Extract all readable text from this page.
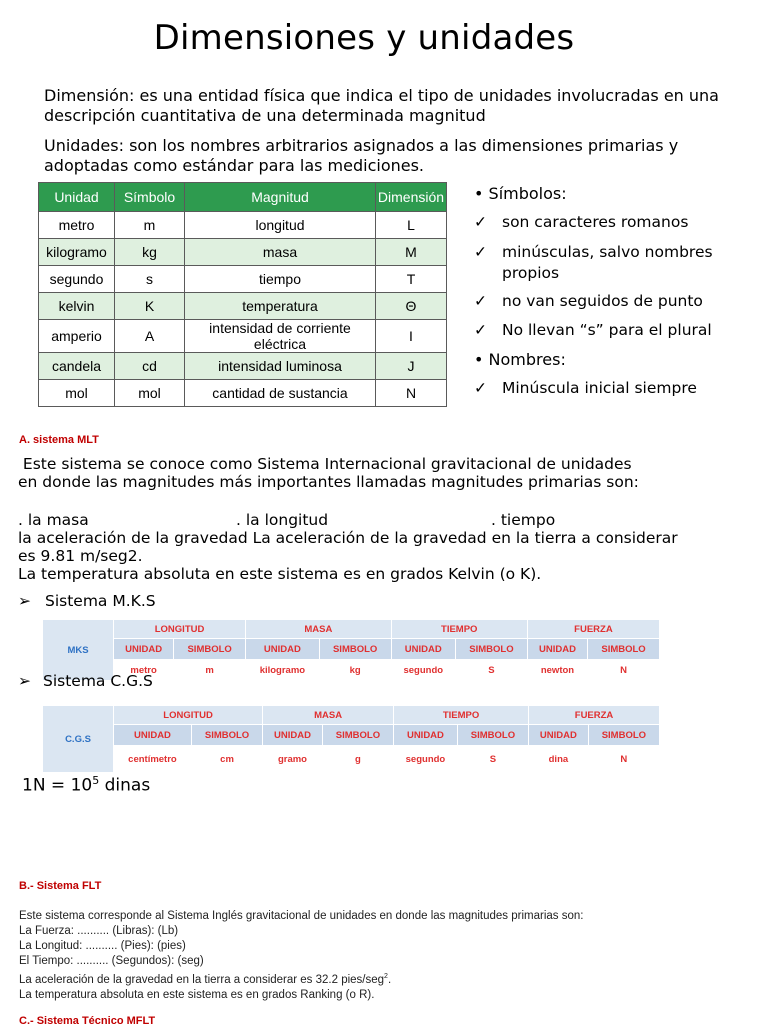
Dimensiones y unidades
Dimensión: es una entidad física que indica el tipo de unidades involucradas en una
descripción cuantitativa de una determinada magnitud
Unidades: son los nombres arbitrarios asignados a las dimensiones primarias y
adoptadas como estándar para las mediciones.
Unidad	Símbolo	Magnitud	Dimensión
metro	m	longitud	L
kilogramo	kg	masa	M
segundo	s	tiempo	T
kelvin	K	temperatura	Θ
amperio	A	intensidad de corriente eléctrica	I
candela	cd	intensidad luminosa	J
mol	mol	cantidad de sustancia	N
• Símbolos:
✓ son caracteres romanos
✓ minúsculas, salvo nombres
propios
✓ no van seguidos de punto
✓ No llevan “s” para el plural
• Nombres:
✓ Minúscula inicial siempre
A. sistema MLT
Este sistema se conoce como Sistema Internacional gravitacional de unidades
en donde las magnitudes más importantes llamadas magnitudes primarias son:
. la masa	. la longitud	. tiempo
la aceleración de la gravedad La aceleración de la gravedad en la tierra a considerar
es 9.81 m/seg2.
La temperatura absoluta en este sistema es en grados Kelvin (o K).
➢ Sistema M.K.S
MKS	LONGITUD		MASA		TIEMPO		FUERZA	
	UNIDAD	SIMBOLO	UNIDAD	SIMBOLO	UNIDAD	SIMBOLO	UNIDAD	SIMBOLO
	metro	m	kilogramo	kg	segundo	S	newton	N
➢ Sistema C.G.S
C.G.S	LONGITUD		MASA		TIEMPO		FUERZA	
	UNIDAD	SIMBOLO	UNIDAD	SIMBOLO	UNIDAD	SIMBOLO	UNIDAD	SIMBOLO
	centímetro	cm	gramo	g	segundo	S	dina	N
$1N = 10^5$ dinas
B.- Sistema FLT
Este sistema corresponde al Sistema Inglés gravitacional de unidades en donde las magnitudes primarias son:
La Fuerza: .......... (Libras): (Lb)
La Longitud: .......... (Pies): (pies)
El Tiempo: .......... (Segundos): (seg)
La aceleración de la gravedad en la tierra a considerar es 32.2 pies/seg$^2$.
La temperatura absoluta en este sistema es en grados Ranking (o R).
C.- Sistema Técnico MFLT
